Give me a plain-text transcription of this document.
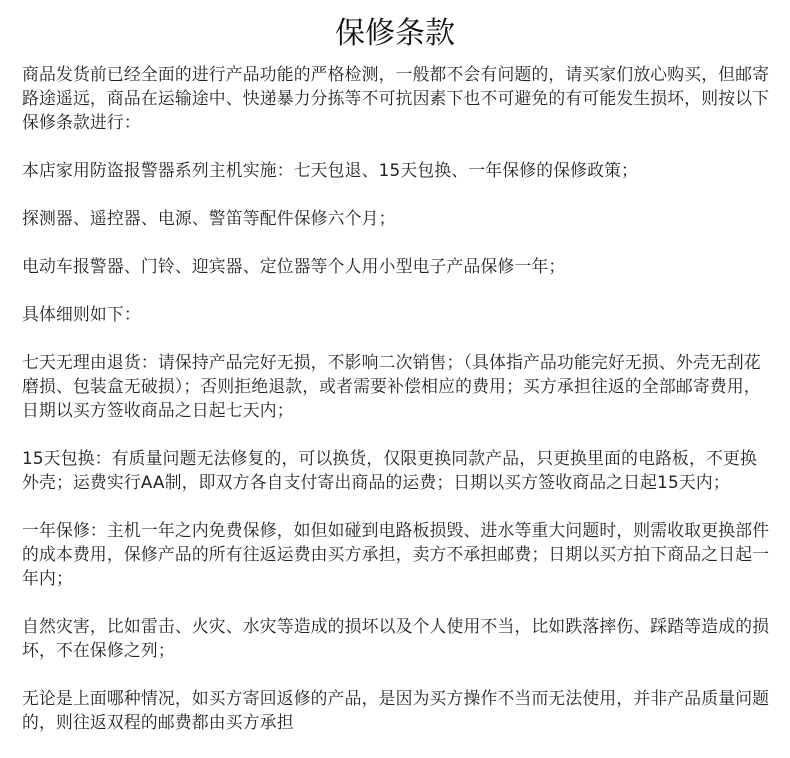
保修条款

商品发货前已经全面的进行产品功能的严格检测，一般都不会有问题的，请买家们放心购买，但邮寄路途遥远，商品在运输途中、快递暴力分拣等不可抗因素下也不可避免的有可能发生损坏，则按以下保修条款进行：

本店家用防盗报警器系列主机实施：七天包退、15天包换、一年保修的保修政策；

探测器、遥控器、电源、警笛等配件保修六个月；

电动车报警器、门铃、迎宾器、定位器等个人用小型电子产品保修一年；

具体细则如下：

七天无理由退货：请保持产品完好无损，不影响二次销售；（具体指产品功能完好无损、外壳无刮花磨损、包装盒无破损）；否则拒绝退款，或者需要补偿相应的费用；买方承担往返的全部邮寄费用，日期以买方签收商品之日起七天内；

15天包换：有质量问题无法修复的，可以换货，仅限更换同款产品，只更换里面的电路板，不更换外壳；运费实行AA制，即双方各自支付寄出商品的运费；日期以买方签收商品之日起15天内；

一年保修：主机一年之内免费保修，如但如碰到电路板损毁、进水等重大问题时，则需收取更换部件的成本费用，保修产品的所有往返运费由买方承担，卖方不承担邮费；日期以买方拍下商品之日起一年内；

自然灾害，比如雷击、火灾、水灾等造成的损坏以及个人使用不当，比如跌落摔伤、踩踏等造成的损坏，不在保修之列；

无论是上面哪种情况，如买方寄回返修的产品，是因为买方操作不当而无法使用，并非产品质量问题的，则往返双程的邮费都由买方承担
